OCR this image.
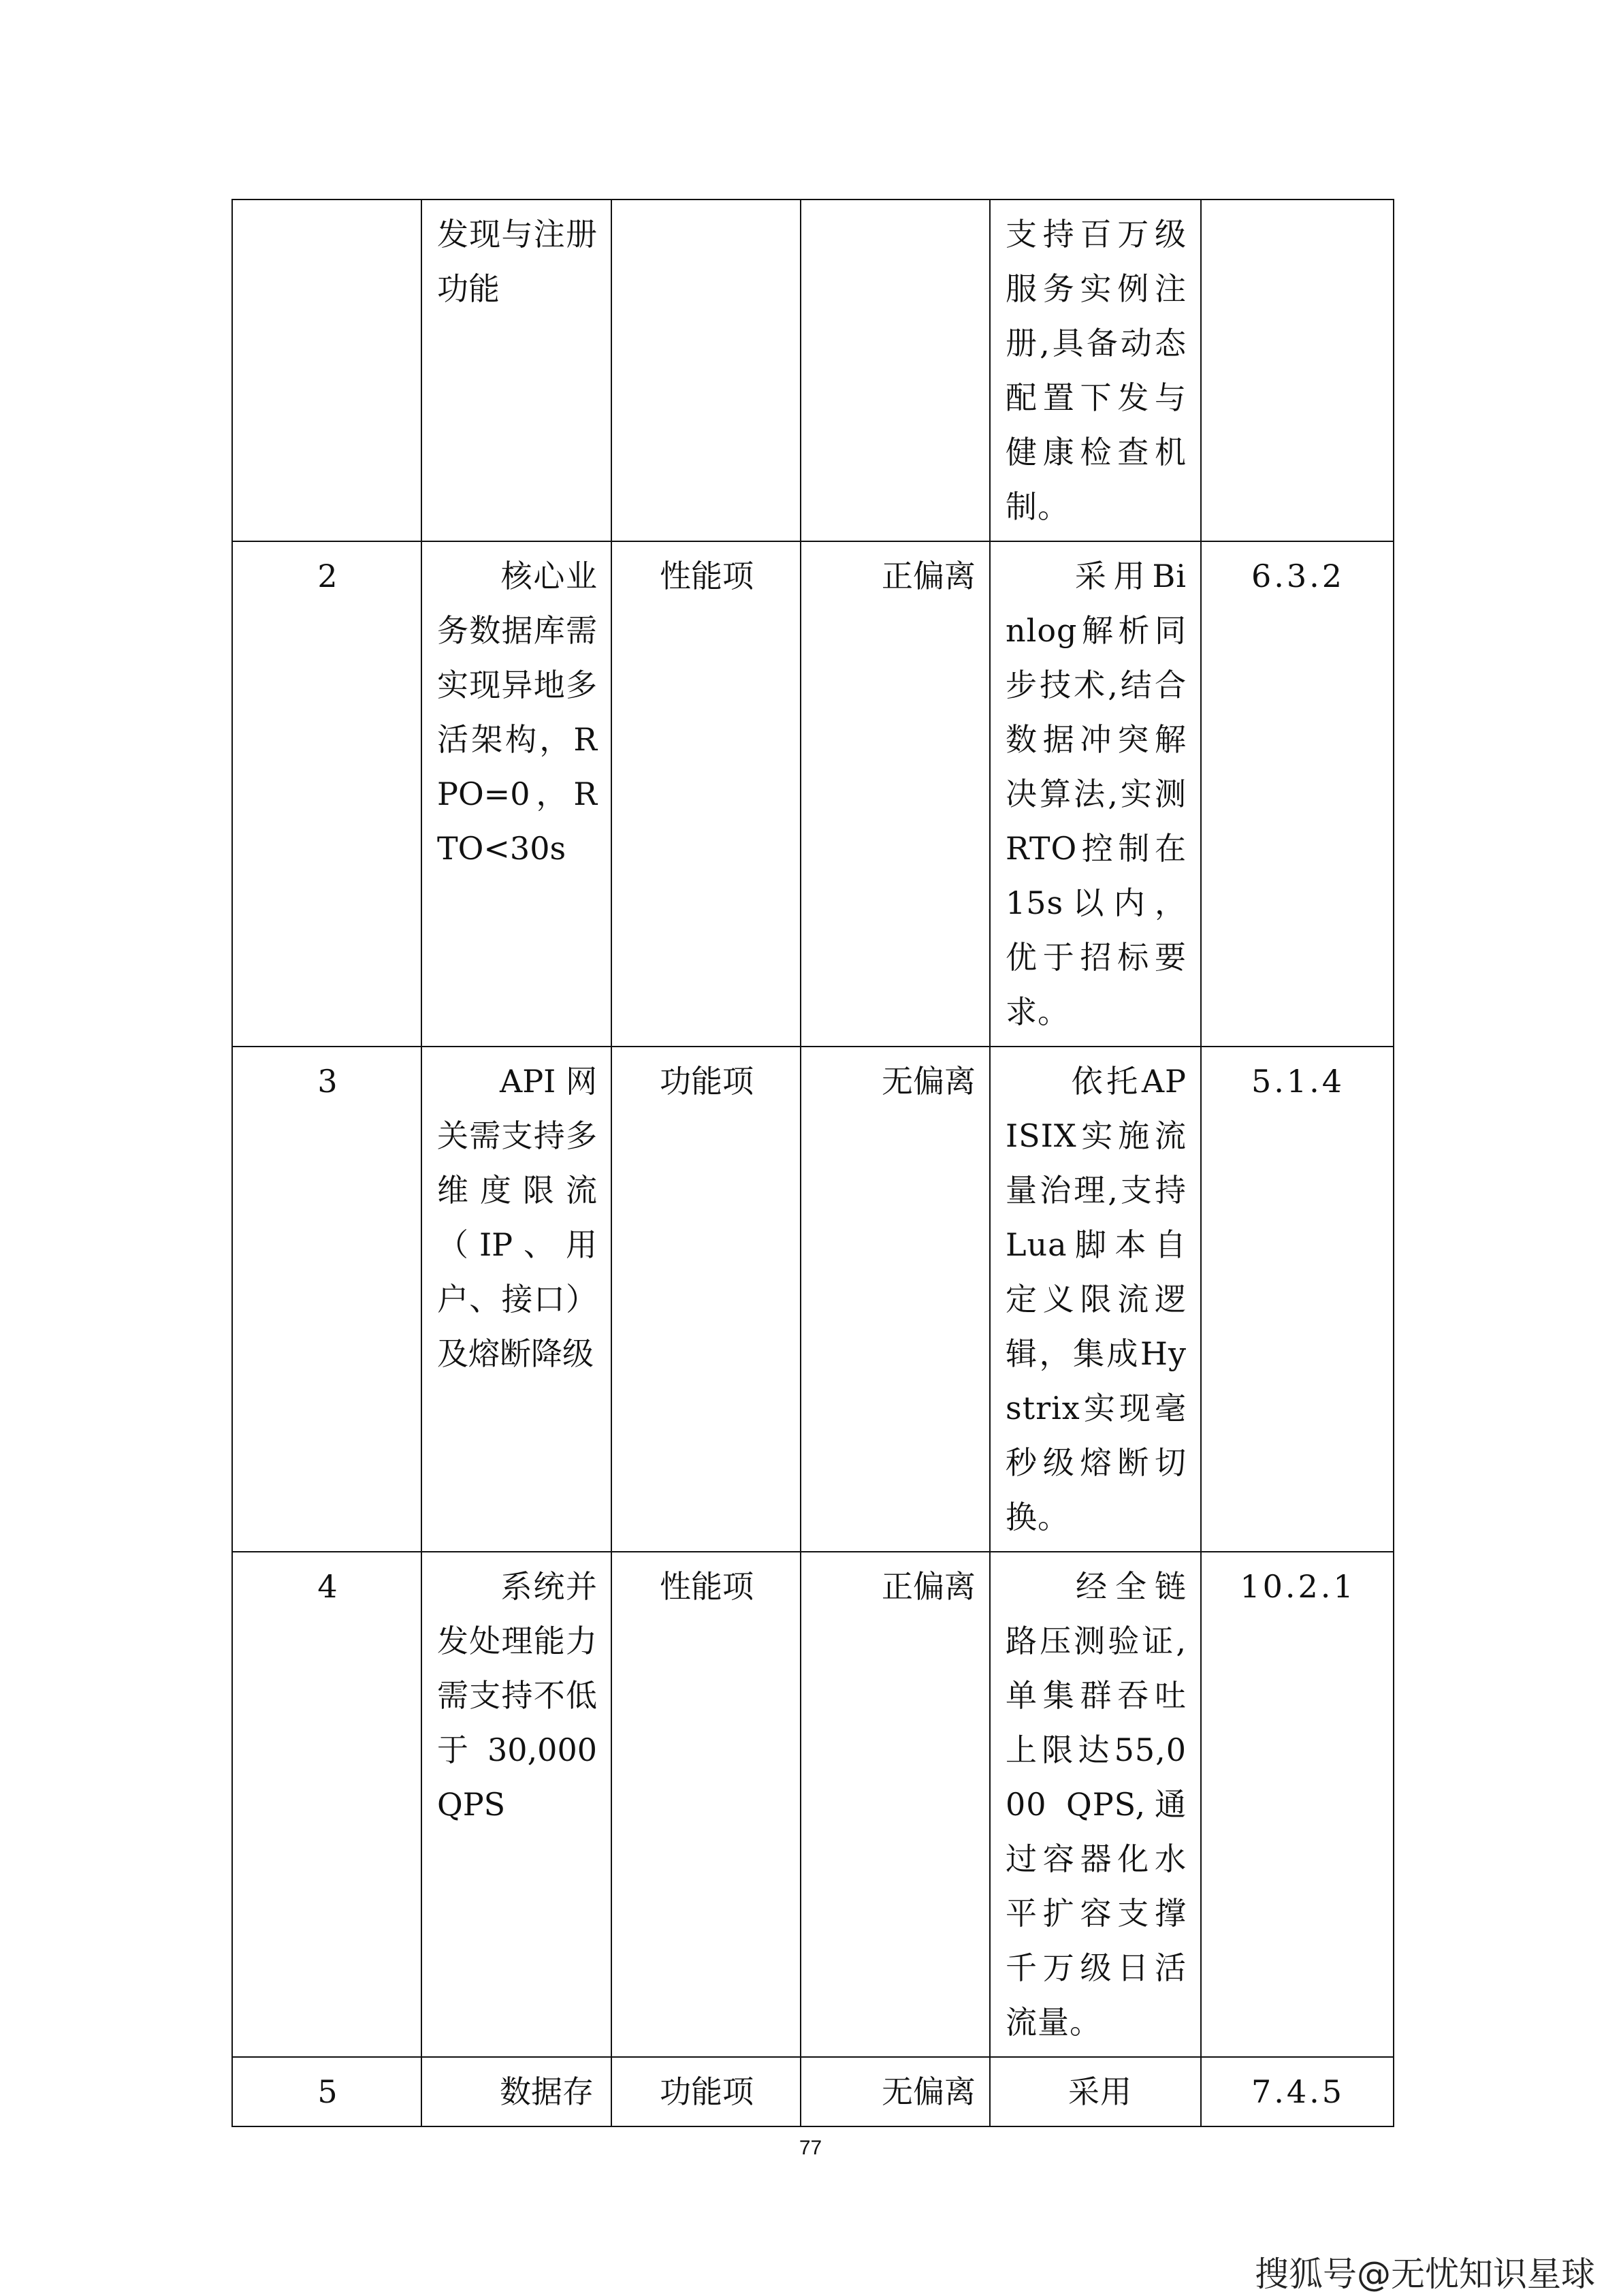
	发现与注册功能			支持百万级服务实例注册,具备动态配置下发与健康检查机制。	
2	核心业务数据库需实现异地多活架构，RPO=0，RTO<30s	性能项	正偏离	采用Binlog解析同步技术,结合数据冲突解决算法,实测RTO控制在15s以内，优于招标要求。	6.3.2
3	API网关需支持多维度限流（IP、用户、接口）及熔断降级	功能项	无偏离	依托APISIX实施流量治理,支持Lua脚本自定义限流逻辑，集成Hystrix实现毫秒级熔断切换。	5.1.4
4	系统并发处理能力需支持不低于30,000 QPS	性能项	正偏离	经全链路压测验证,单集群吞吐上限达55,000 QPS,通过容器化水平扩容支撑千万级日活流量。	10.2.1
5	数据存	功能项	无偏离	采用	7.4.5
77
搜狐号@无忧知识星球
